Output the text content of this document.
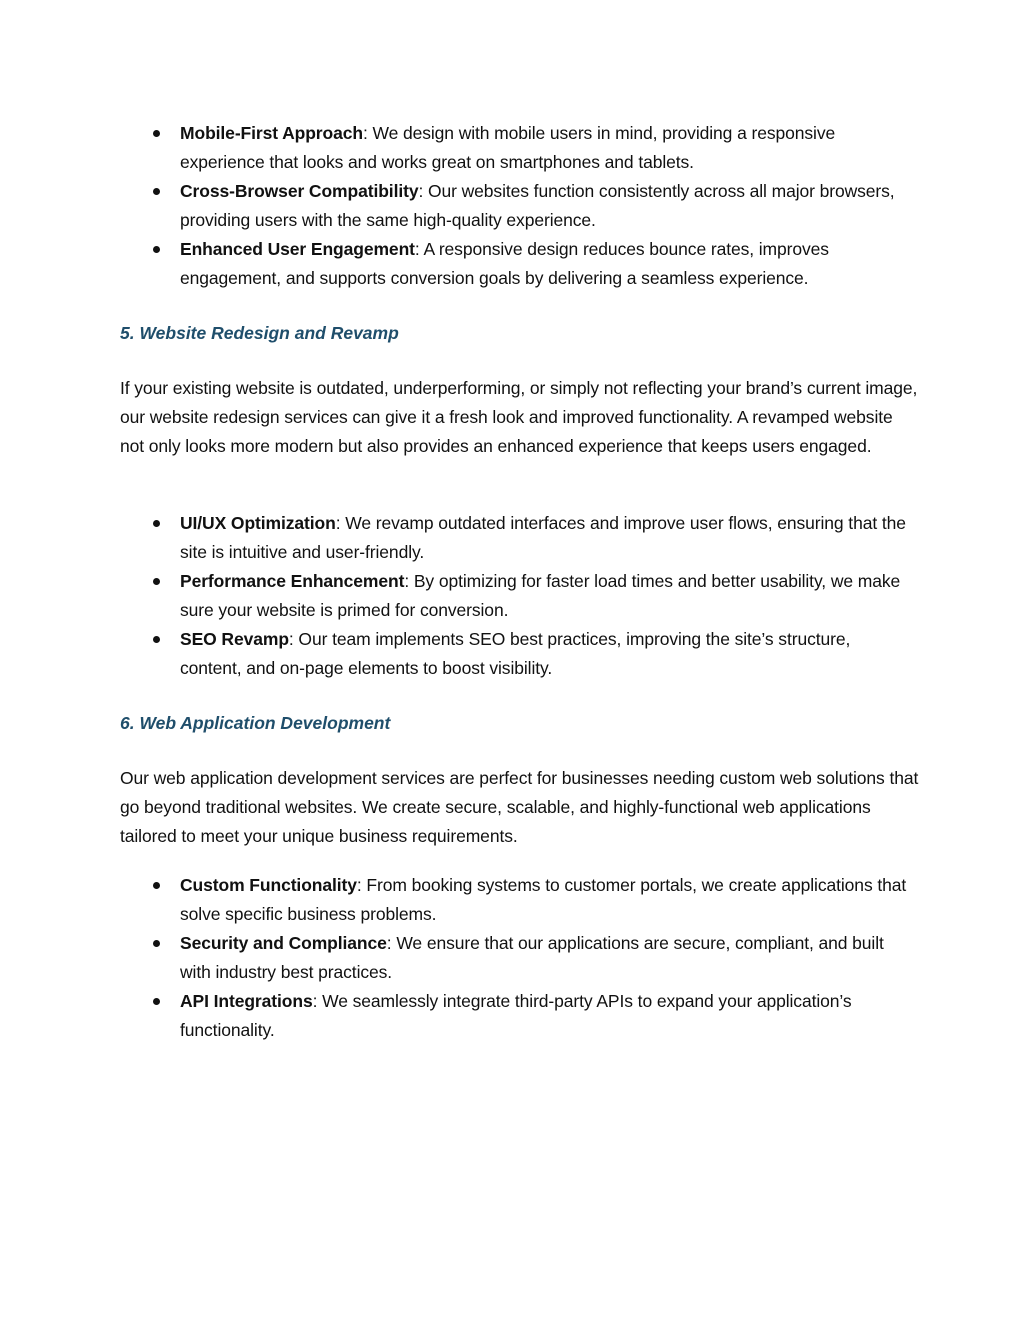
Mobile-First Approach: We design with mobile users in mind, providing a responsive experience that looks and works great on smartphones and tablets.
Cross-Browser Compatibility: Our websites function consistently across all major browsers, providing users with the same high-quality experience.
Enhanced User Engagement: A responsive design reduces bounce rates, improves engagement, and supports conversion goals by delivering a seamless experience.
5. Website Redesign and Revamp

If your existing website is outdated, underperforming, or simply not reflecting your brand’s current image, our website redesign services can give it a fresh look and improved functionality. A revamped website not only looks more modern but also provides an enhanced experience that keeps users engaged.

UI/UX Optimization: We revamp outdated interfaces and improve user flows, ensuring that the site is intuitive and user-friendly.
Performance Enhancement: By optimizing for faster load times and better usability, we make sure your website is primed for conversion.
SEO Revamp: Our team implements SEO best practices, improving the site’s structure, content, and on-page elements to boost visibility.
6. Web Application Development

Our web application development services are perfect for businesses needing custom web solutions that go beyond traditional websites. We create secure, scalable, and highly-functional web applications tailored to meet your unique business requirements.

Custom Functionality: From booking systems to customer portals, we create applications that solve specific business problems.
Security and Compliance: We ensure that our applications are secure, compliant, and built with industry best practices.
API Integrations: We seamlessly integrate third-party APIs to expand your application’s functionality.
